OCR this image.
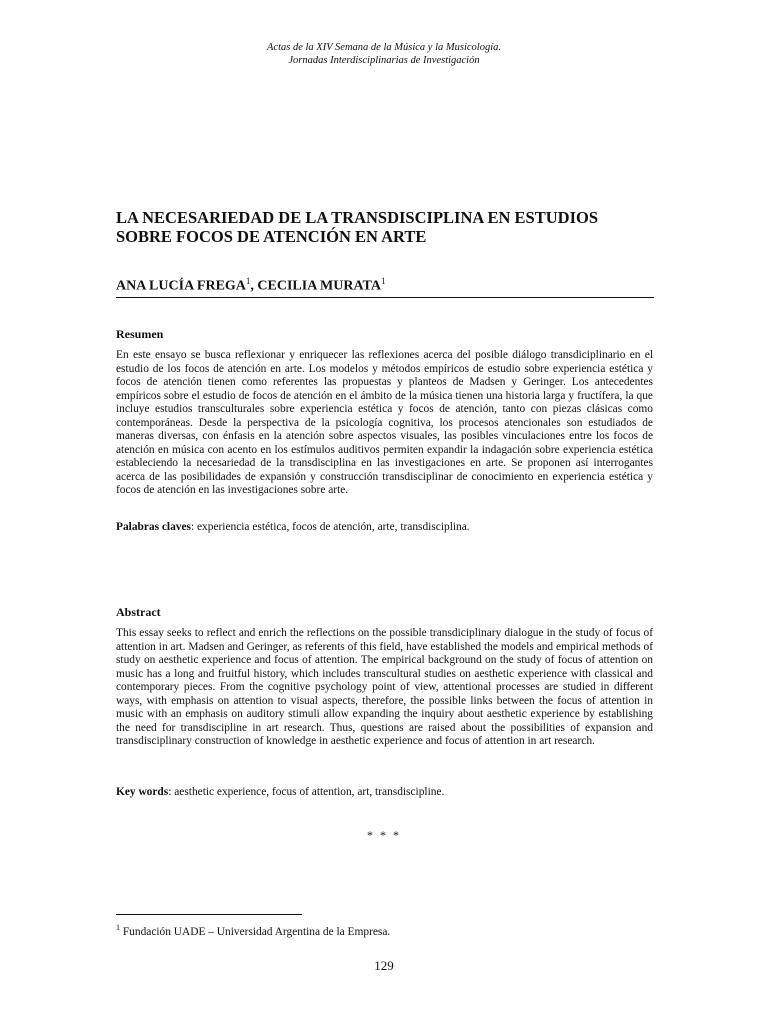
Actas de la XIV Semana de la Música y la Musicología.
Jornadas Interdisciplinarias de Investigación
LA NECESARIEDAD DE LA TRANSDISCIPLINA EN ESTUDIOS
SOBRE FOCOS DE ATENCIÓN EN ARTE
ANA LUCÍA FREGA$^1$, CECILIA MURATA$^1$
Resumen

En este ensayo se busca reflexionar y enriquecer las reflexiones acerca del posible diálogo transdiciplinario en el estudio de los focos de atención en arte. Los modelos y métodos empíricos de estudio sobre experiencia estética y focos de atención tienen como referentes las propuestas y planteos de Madsen y Geringer. Los antecedentes empíricos sobre el estudio de focos de atención en el ámbito de la música tienen una historia larga y fructífera, la que incluye estudios transculturales sobre experiencia estética y focos de atención, tanto con piezas clásicas como contemporáneas. Desde la perspectiva de la psicología cognitiva, los procesos atencionales son estudiados de maneras diversas, con énfasis en la atención sobre aspectos visuales, las posibles vinculaciones entre los focos de atención en música con acento en los estímulos auditivos permiten expandir la indagación sobre experiencia estética estableciendo la necesariedad de la transdisciplina en las investigaciones en arte. Se proponen así interrogantes acerca de las posibilidades de expansión y construcción transdisciplinar de conocimiento en experiencia estética y focos de atención en las investigaciones sobre arte.

Palabras claves: experiencia estética, focos de atención, arte, transdisciplina.

Abstract

This essay seeks to reflect and enrich the reflections on the possible transdiciplinary dialogue in the study of focus of attention in art. Madsen and Geringer, as referents of this field, have established the models and empirical methods of study on aesthetic experience and focus of attention. The empirical background on the study of focus of attention on music has a long and fruitful history, which includes transcultural studies on aesthetic experience with classical and contemporary pieces. From the cognitive psychology point of view, attentional processes are studied in different ways, with emphasis on attention to visual aspects, therefore, the possible links between the focus of attention in music with an emphasis on auditory stimuli allow expanding the inquiry about aesthetic experience by establishing the need for transdiscipline in art research. Thus, questions are raised about the possibilities of expansion and transdisciplinary construction of knowledge in aesthetic experience and focus of attention in art research.

Key words: aesthetic experience, focus of attention, art, transdiscipline.

* * *
$^1$ Fundación UADE – Universidad Argentina de la Empresa.
129
